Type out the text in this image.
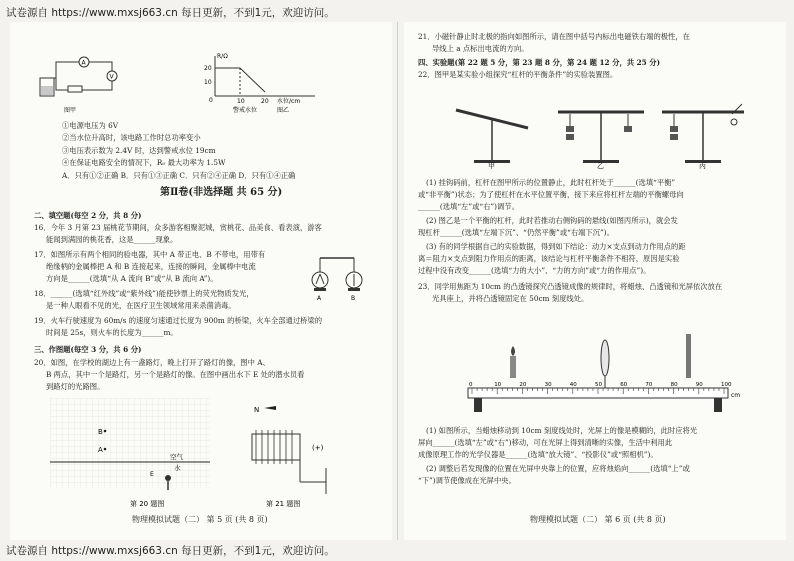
试卷源自 https://www.mxsj663.cn 每日更新，不到1元，欢迎访问。
试卷源自 https://www.mxsj663.cn 每日更新，不到1元，欢迎访问。
A
V
图甲
R/Ω
20
10
0	10	20 水位/cm
警戒水位	图乙
①电源电压为 6V
②当水位升高时，该电路工作时总功率变小
③电压表示数为 2.4V 时，达到警戒水位 19cm
④在保证电路安全的情况下，R₀ 最大功率为 1.5W
A．只有①②正确 B．只有①③正确 C．只有②④正确 D．只有①④正确
第Ⅱ卷(非选择题 共 65 分)
二、填空题(每空 2 分，共 8 分)
16．今年 3 月第 23 届桃花节期间，众多游客相聚泥城，赏桃花、品美食、看表演，游客
能闻到满园的桃花香，这是______现象。
17．如图所示有两个相同的验电器，其中 A 带正电、B 不带电，用带有
绝缘柄的金属棒把 A 和 B 连接起来，连接的瞬间，金属棒中电流
方向是______(选填“从 A 流向 B”或“从 B 流向 A”)。
A	B
18．______(选填“红外线”或“紫外线”)能使钞票上的荧光物质发光，
是一种人眼看不见的光，在医疗卫生领域常用来杀菌消毒。
19．火车行驶速度为 60m/s 的速度匀速通过长度为 900m 的桥梁，火车全部通过桥梁的
时间是 25s，则火车的长度为______m。
三、作图题(每空 3 分，共 6 分)
20．如图，在学校的湖边上有一盏路灯，晚上打开了路灯的像，图中 A、
B 两点，其中一个是路灯，另一个是路灯的像。在图中画出水下 E 处的潜水员看
到路灯的光路图。
A
B
空气
水
E
第 20 题图
N
(+)
第 21 题图
物理模拟试题（二） 第 5 页 (共 8 页)
21．小磁针静止时北极的指向如图所示，请在图中括号内标出电磁铁右端的极性，在
导线上 a 点标出电流的方向。
四、实验题(第 22 题 5 分，第 23 题 8 分，第 24 题 12 分，共 25 分)
22．图甲是某实验小组探究“杠杆的平衡条件”的实验装置图。
甲	乙	丙
(1) 挂钩码前，杠杆在图甲所示的位置静止，此时杠杆处于______(选填“平衡”
或“非平衡”)状态；为了使杠杆在水平位置平衡，接下来应将杠杆左端的平衡螺母向
______(选填“左”或“右”)调节。
(2) 图乙是一个平衡的杠杆，此时若推动右侧钩码的悬线(如图丙所示)，就会发
现杠杆______(选填“左端下沉”、“仍然平衡”或“右端下沉”)。
(3) 有的同学根据自己的实验数据，得到如下结论：动力×支点到动力作用点的距
离＝阻力×支点到阻力作用点的距离，该结论与杠杆平衡条件不相符，原因是实验
过程中没有改变______(选填“力的大小”、“力的方向”或“力的作用点”)。
23．同学用焦距为 10cm 的凸透镜探究凸透镜成像的规律时，将蜡烛、凸透镜和光屏依次放在
光具座上，并将凸透镜固定在 50cm 刻度线处。
0	10	20	30	40	50	60	70	80	90	100
cm
(1) 如图所示，当蜡烛移动到 10cm 刻度线处时，光屏上的像是模糊的，此时应将光
屏向______(选填“左”或“右”)移动，可在光屏上得到清晰的实像，生活中利用此
成像原理工作的光学仪器是______(选填“放大镜”、“投影仪”或“照相机”)。
(2) 调整后若发现像的位置在光屏中央靠上的位置，应将烛焰向______(选填“上”或
“下”)调节使像成在光屏中央。
物理模拟试题（二） 第 6 页 (共 8 页)
